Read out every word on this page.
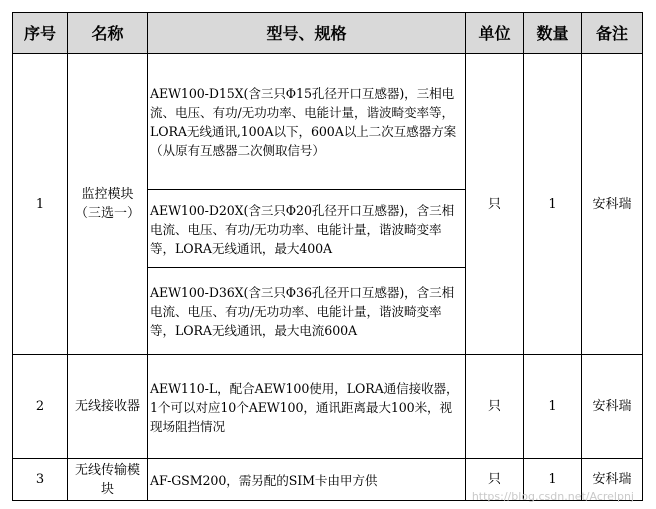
序号	名称	型号、规格	单位	数量	备注
1	监控模块（三选一）	AEW100-D15X(含三只Φ15孔径开口互感器)，三相电流、电压、有功/无功功率、电能计量，谐波畸变率等，LORA无线通讯,100A以下，600A以上二次互感器方案（从原有互感器二次侧取信号）	只	1	安科瑞
		AEW100-D20X(含三只Φ20孔径开口互感器)，含三相电流、电压、有功/无功功率、电能计量，谐波畸变率等，LORA无线通讯，最大400A			
		AEW100-D36X(含三只Φ36孔径开口互感器)，含三相电流、电压、有功/无功功率、电能计量，谐波畸变率等，LORA无线通讯，最大电流600A			
2	无线接收器	AEW110-L，配合AEW100使用，LORA通信接收器，1个可以对应10个AEW100，通讯距离最大100米，视现场阻挡情况	只	1	安科瑞
3	无线传输模块	AF-GSM200，需另配的SIM卡由甲方供	只	1	安科瑞
https://blog.csdn.net/Acrelpnj
